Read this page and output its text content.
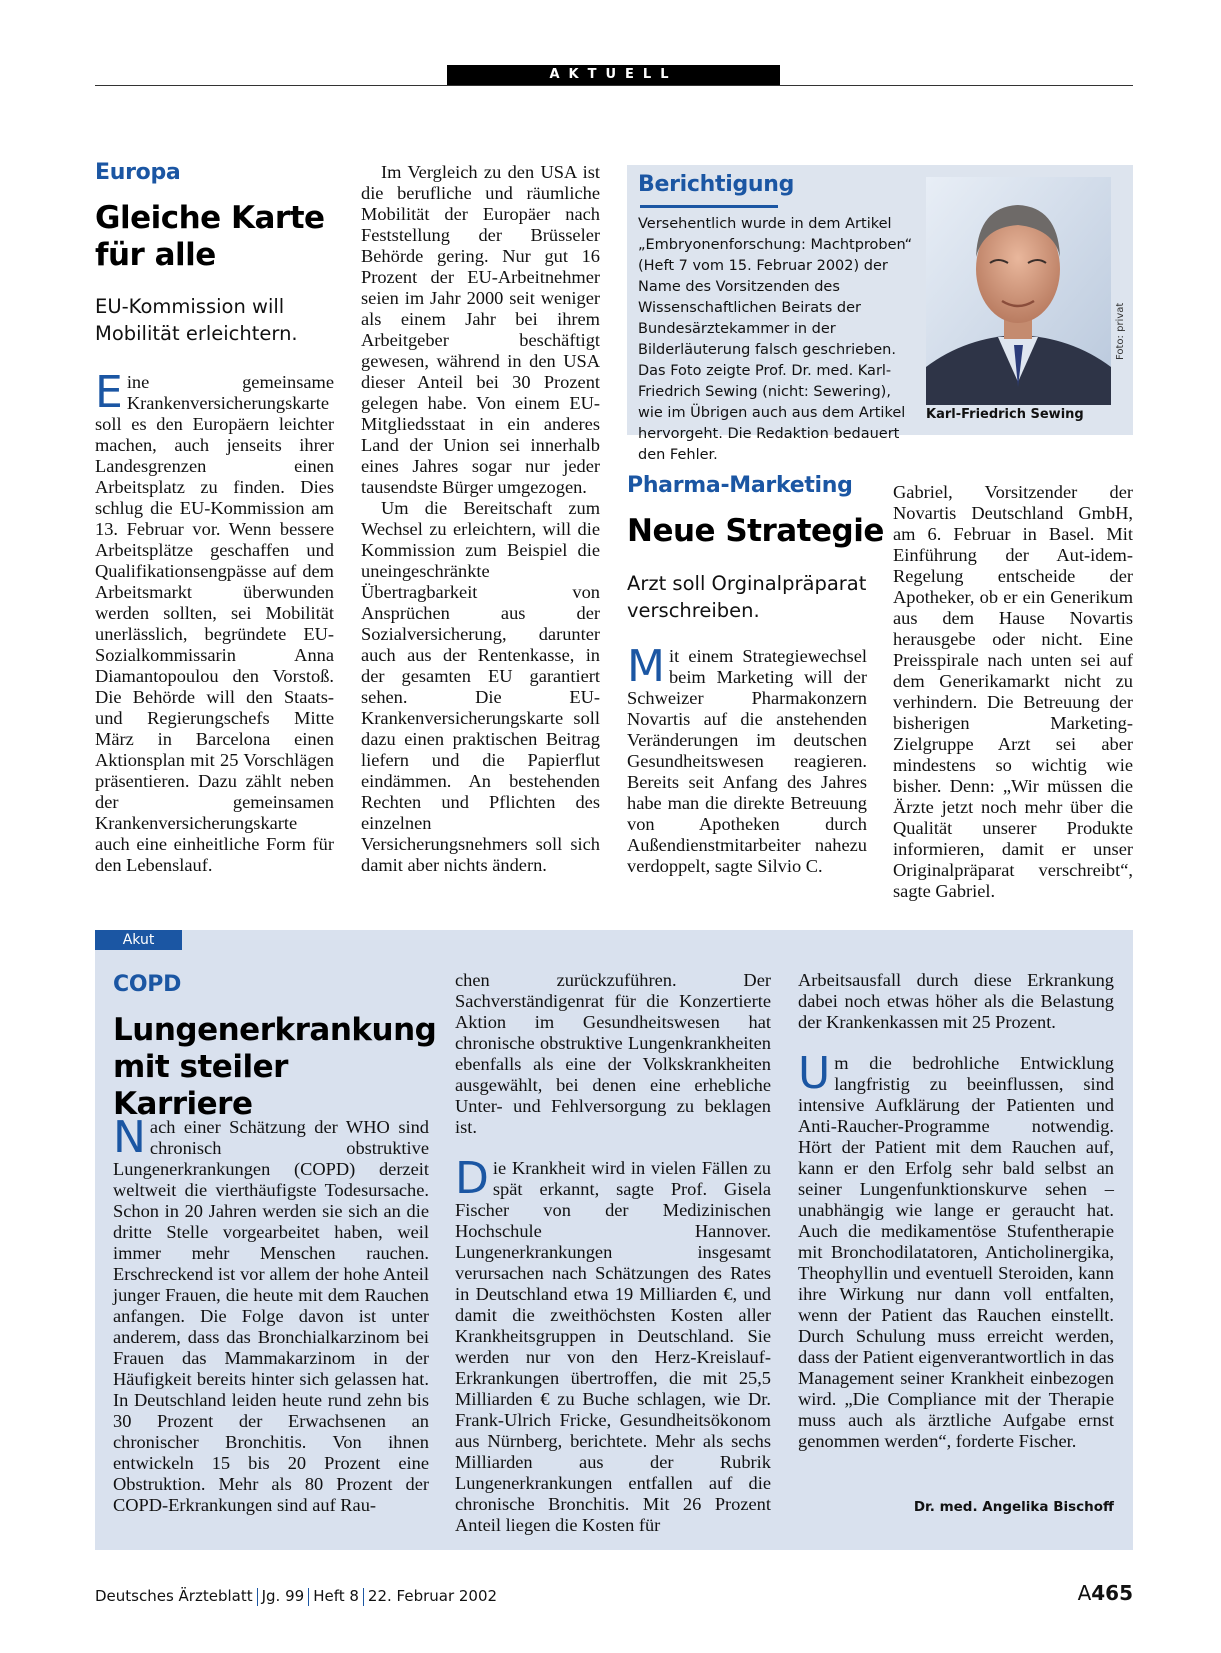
AKTUELL
Europa
Gleiche Karte
für alle
EU-Kommission will Mobilität erleichtern.

Eine gemeinsame Krankenversicherungskarte soll es den Europäern leichter machen, auch jenseits ihrer Landesgrenzen einen Arbeitsplatz zu finden. Dies schlug die EU-Kommission am 13. Februar vor. Wenn bessere Arbeitsplätze geschaffen und Qualifikationsengpässe auf dem Arbeitsmarkt überwunden werden sollten, sei Mobilität unerlässlich, begründete EU-Sozialkommissarin Anna Diamantopoulou den Vorstoß. Die Behörde will den Staats- und Regierungschefs Mitte März in Barcelona einen Aktionsplan mit 25 Vorschlägen präsentieren. Dazu zählt neben der gemeinsamen Krankenversicherungskarte auch eine einheitliche Form für den Lebenslauf.

Im Vergleich zu den USA ist die berufliche und räumliche Mobilität der Europäer nach Feststellung der Brüsseler Behörde gering. Nur gut 16 Prozent der EU-Arbeitnehmer seien im Jahr 2000 seit weniger als einem Jahr bei ihrem Arbeitgeber beschäftigt gewesen, während in den USA dieser Anteil bei 30 Prozent gelegen habe. Von einem EU-Mitgliedsstaat in ein anderes Land der Union sei innerhalb eines Jahres sogar nur jeder tausendste Bürger umgezogen.

Um die Bereitschaft zum Wechsel zu erleichtern, will die Kommission zum Beispiel die uneingeschränkte Übertragbarkeit von Ansprüchen aus der Sozialversicherung, darunter auch aus der Rentenkasse, in der gesamten EU garantiert sehen. Die EU-Krankenversicherungskarte soll dazu einen praktischen Beitrag liefern und die Papierflut eindämmen. An bestehenden Rechten und Pflichten des einzelnen Versicherungsnehmers soll sich damit aber nichts ändern.

Berichtigung

Versehentlich wurde in dem Artikel „Embryonenforschung: Machtproben“ (Heft 7 vom 15. Februar 2002) der Name des Vorsitzenden des Wissenschaftlichen Beirats der Bundesärztekammer in der Bilderläuterung falsch geschrieben. Das Foto zeigte Prof. Dr. med. Karl-Friedrich Sewing (nicht: Sewering), wie im Übrigen auch aus dem Artikel hervorgeht. Die Redaktion bedauert den Fehler.

Karl-Friedrich Sewing
Foto: privat
Pharma-Marketing
Neue Strategie
Arzt soll Orginalpräparat verschreiben.

Mit einem Strategiewechsel beim Marketing will der Schweizer Pharmakonzern Novartis auf die anstehenden Veränderungen im deutschen Gesundheitswesen reagieren. Bereits seit Anfang des Jahres habe man die direkte Betreuung von Apotheken durch Außendienstmitarbeiter nahezu verdoppelt, sagte Silvio C.

Gabriel, Vorsitzender der Novartis Deutschland GmbH, am 6. Februar in Basel. Mit Einführung der Aut-idem-Regelung entscheide der Apotheker, ob er ein Generikum aus dem Hause Novartis herausgebe oder nicht. Eine Preisspirale nach unten sei auf dem Generikamarkt nicht zu verhindern. Die Betreuung der bisherigen Marketing-Zielgruppe Arzt sei aber mindestens so wichtig wie bisher. Denn: „Wir müssen die Ärzte jetzt noch mehr über die Qualität unserer Produkte informieren, damit er unser Originalpräparat verschreibt“, sagte Gabriel.

Akut
COPD
Lungenerkrankung
mit steiler Karriere

Nach einer Schätzung der WHO sind chronisch obstruktive Lungenerkrankungen (COPD) derzeit weltweit die vierthäufigste Todesursache. Schon in 20 Jahren werden sie sich an die dritte Stelle vorgearbeitet haben, weil immer mehr Menschen rauchen. Erschreckend ist vor allem der hohe Anteil junger Frauen, die heute mit dem Rauchen anfangen. Die Folge davon ist unter anderem, dass das Bronchialkarzinom bei Frauen das Mammakarzinom in der Häufigkeit bereits hinter sich gelassen hat. In Deutschland leiden heute rund zehn bis 30 Prozent der Erwachsenen an chronischer Bronchitis. Von ihnen entwickeln 15 bis 20 Prozent eine Obstruktion. Mehr als 80 Prozent der COPD-Erkrankungen sind auf Rau-

chen zurückzuführen. Der Sachverständigenrat für die Konzertierte Aktion im Gesundheitswesen hat chronische obstruktive Lungenkrankheiten ebenfalls als eine der Volkskrankheiten ausgewählt, bei denen eine erhebliche Unter- und Fehlversorgung zu beklagen ist.

Die Krankheit wird in vielen Fällen zu spät erkannt, sagte Prof. Gisela Fischer von der Medizinischen Hochschule Hannover. Lungenerkrankungen insgesamt verursachen nach Schätzungen des Rates in Deutschland etwa 19 Milliarden €, und damit die zweithöchsten Kosten aller Krankheitsgruppen in Deutschland. Sie werden nur von den Herz-Kreislauf-Erkrankungen übertroffen, die mit 25,5 Milliarden € zu Buche schlagen, wie Dr. Frank-Ulrich Fricke, Gesundheitsökonom aus Nürnberg, berichtete. Mehr als sechs Milliarden aus der Rubrik Lungenerkrankungen entfallen auf die chronische Bronchitis. Mit 26 Prozent Anteil liegen die Kosten für

Arbeitsausfall durch diese Erkrankung dabei noch etwas höher als die Belastung der Krankenkassen mit 25 Prozent.

Um die bedrohliche Entwicklung langfristig zu beeinflussen, sind intensive Aufklärung der Patienten und Anti-Raucher-Programme notwendig. Hört der Patient mit dem Rauchen auf, kann er den Erfolg sehr bald selbst an seiner Lungenfunktionskurve sehen – unabhängig wie lange er geraucht hat. Auch die medikamentöse Stufentherapie mit Bronchodilatatoren, Anticholinergika, Theophyllin und eventuell Steroiden, kann ihre Wirkung nur dann voll entfalten, wenn der Patient das Rauchen einstellt. Durch Schulung muss erreicht werden, dass der Patient eigenverantwortlich in das Management seiner Krankheit einbezogen wird. „Die Compliance mit der Therapie muss auch als ärztliche Aufgabe ernst genommen werden“, forderte Fischer.

Dr. med. Angelika Bischoff
Deutsches Ärzteblatt Jg. 99 Heft 8 22. Februar 2002	A465
